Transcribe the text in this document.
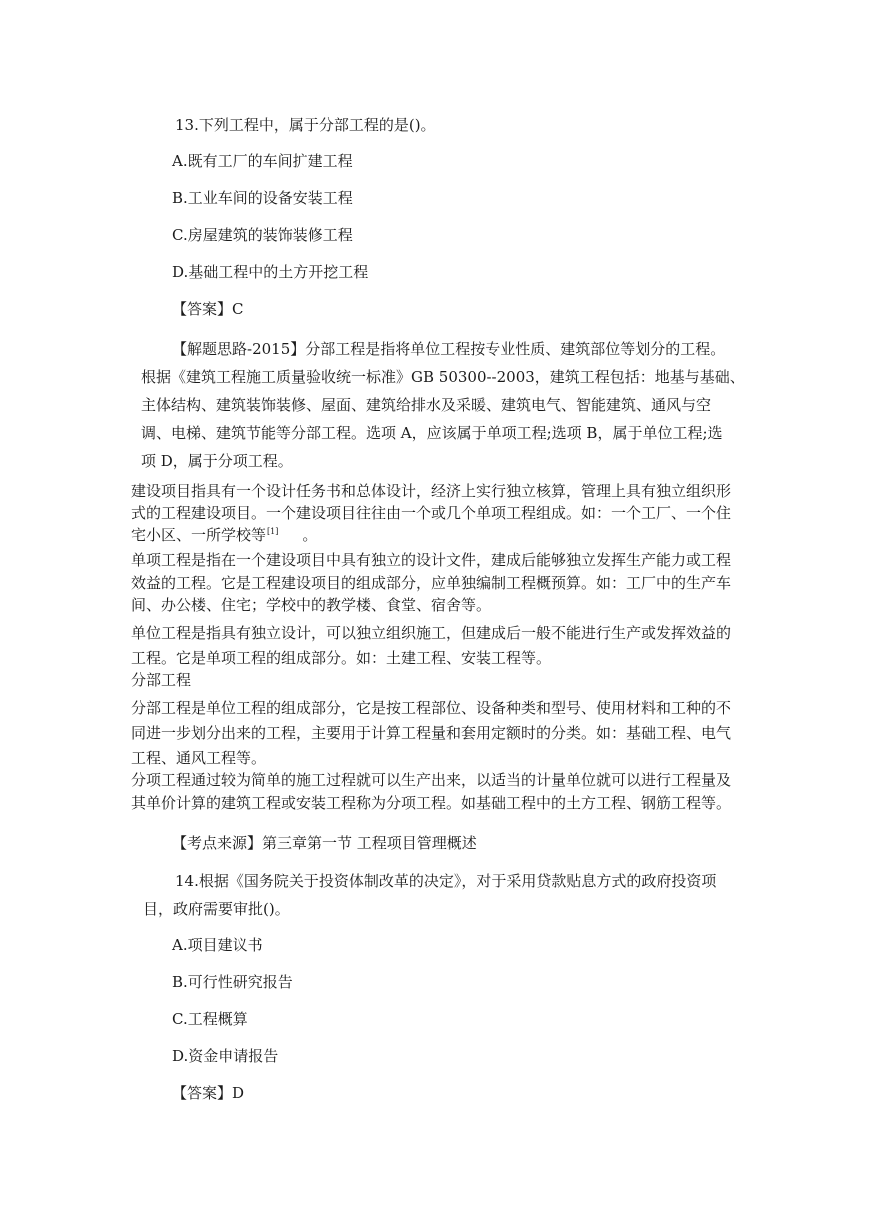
13.下列工程中，属于分部工程的是()。

A.既有工厂的车间扩建工程

B.工业车间的设备安装工程

C.房屋建筑的装饰装修工程

D.基础工程中的土方开挖工程

【答案】C

【解题思路-2015】分部工程是指将单位工程按专业性质、建筑部位等划分的工程。

根据《建筑工程施工质量验收统一标准》GB 50300--2003，建筑工程包括：地基与基础、

主体结构、建筑装饰装修、屋面、建筑给排水及采暖、建筑电气、智能建筑、通风与空

调、电梯、建筑节能等分部工程。选项 A，应该属于单项工程;选项 B，属于单位工程;选

项 D，属于分项工程。

建设项目指具有一个设计任务书和总体设计，经济上实行独立核算，管理上具有独立组织形

式的工程建设项目。一个建设项目往往由一个或几个单项工程组成。如：一个工厂、一个住

宅小区、一所学校等[1] 。

单项工程是指在一个建设项目中具有独立的设计文件，建成后能够独立发挥生产能力或工程

效益的工程。它是工程建设项目的组成部分，应单独编制工程概预算。如：工厂中的生产车

间、办公楼、住宅；学校中的教学楼、食堂、宿舍等。

单位工程是指具有独立设计，可以独立组织施工，但建成后一般不能进行生产或发挥效益的

工程。它是单项工程的组成部分。如：土建工程、安装工程等。

分部工程

分部工程是单位工程的组成部分，它是按工程部位、设备种类和型号、使用材料和工种的不

同进一步划分出来的工程，主要用于计算工程量和套用定额时的分类。如：基础工程、电气

工程、通风工程等。

分项工程通过较为简单的施工过程就可以生产出来，以适当的计量单位就可以进行工程量及

其单价计算的建筑工程或安装工程称为分项工程。如基础工程中的土方工程、钢筋工程等。

【考点来源】第三章第一节 工程项目管理概述

14.根据《国务院关于投资体制改革的决定》，对于采用贷款贴息方式的政府投资项

目，政府需要审批()。

A.项目建议书

B.可行性研究报告

C.工程概算

D.资金申请报告

【答案】D
